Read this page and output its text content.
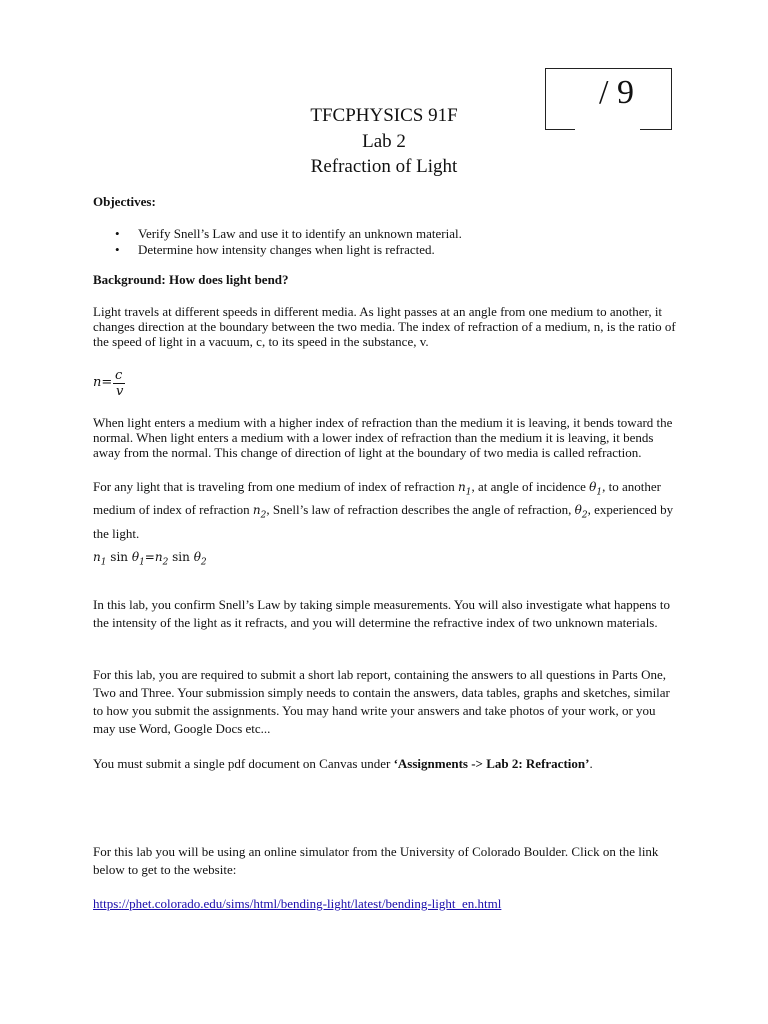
/ 9
TFCPHYSICS 91F
Lab 2
Refraction of Light
Objectives:
• Verify Snell’s Law and use it to identify an unknown material.
• Determine how intensity changes when light is refracted.
Background: How does light bend?
Light travels at different speeds in different media. As light passes at an angle from one medium to another, it changes direction at the boundary between the two media. The index of refraction of a medium, n, is the ratio of the speed of light in a vacuum, c, to its speed in the substance, v.
n= c
v
When light enters a medium with a higher index of refraction than the medium it is leaving, it bends toward the normal. When light enters a medium with a lower index of refraction than the medium it is leaving, it bends away from the normal. This change of direction of light at the boundary of two media is called refraction.
For any light that is traveling from one medium of index of refraction $n_1$, at angle of incidence $\theta_1$, to another medium of index of refraction $n_2$, Snell’s law of refraction describes the angle of refraction, $\theta_2$, experienced by the light.
$n_1$ $\sin \theta_1=n_2$ $\sin \theta_2$
In this lab, you confirm Snell’s Law by taking simple measurements. You will also investigate what happens to the intensity of the light as it refracts, and you will determine the refractive index of two unknown materials.
For this lab, you are required to submit a short lab report, containing the answers to all questions in Parts One, Two and Three. Your submission simply needs to contain the answers, data tables, graphs and sketches, similar to how you submit the assignments. You may hand write your answers and take photos of your work, or you may use Word, Google Docs etc...
You must submit a single pdf document on Canvas under ‘Assignments -> Lab 2: Refraction’.
For this lab you will be using an online simulator from the University of Colorado Boulder. Click on the link below to get to the website:
https://phet.colorado.edu/sims/html/bending-light/latest/bending-light_en.html
